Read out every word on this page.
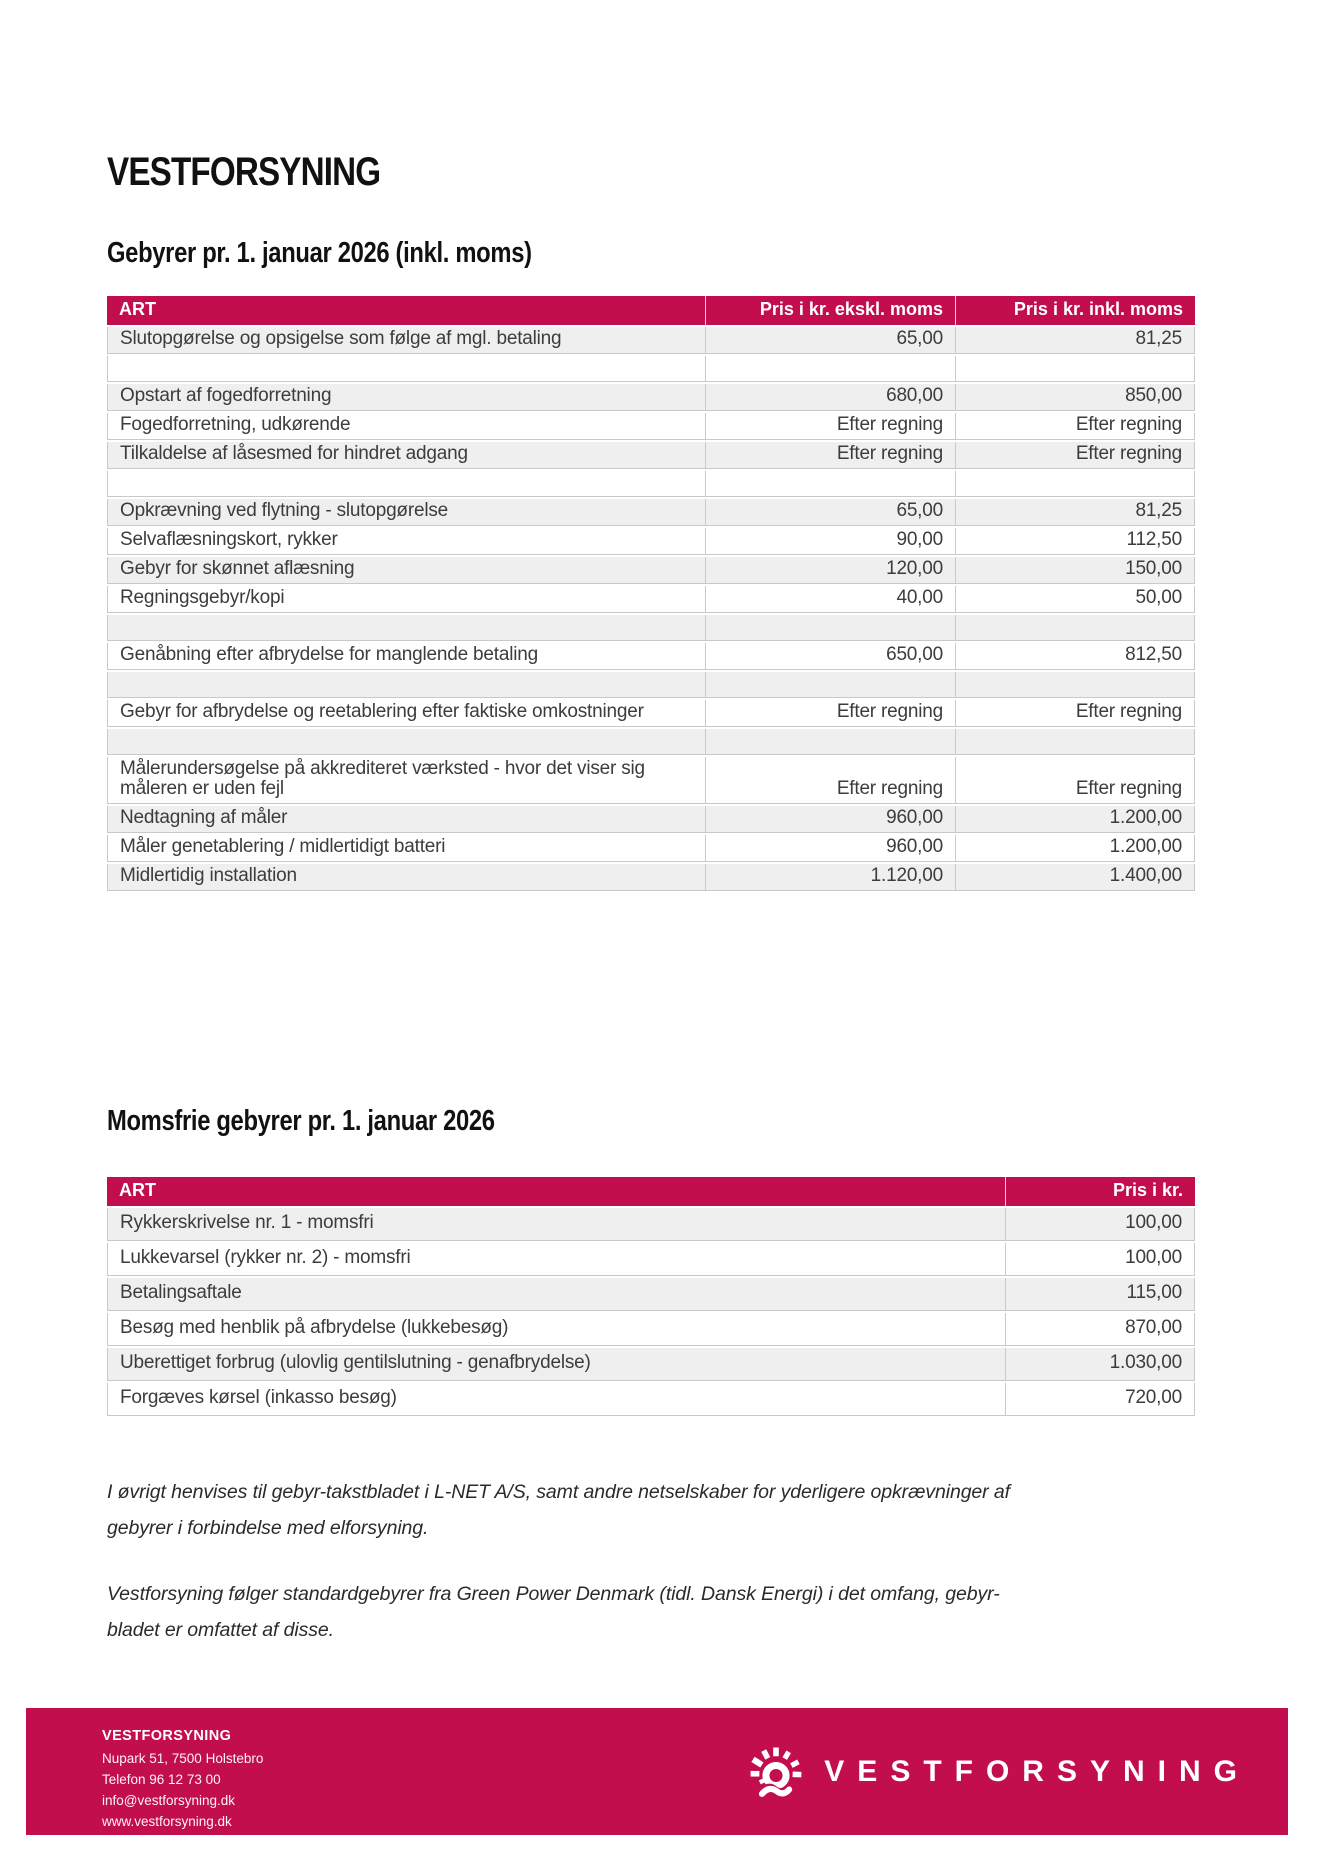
VESTFORSYNING
Gebyrer pr. 1. januar 2026 (inkl. moms)
ART	Pris i kr. ekskl. moms	Pris i kr. inkl. moms
Slutopgørelse og opsigelse som følge af mgl. betaling	65,00	81,25

Opstart af fogedforretning	680,00	850,00
Fogedforretning, udkørende	Efter regning	Efter regning
Tilkaldelse af låsesmed for hindret adgang	Efter regning	Efter regning

Opkrævning ved flytning - slutopgørelse	65,00	81,25
Selvaflæsningskort, rykker	90,00	112,50
Gebyr for skønnet aflæsning	120,00	150,00
Regningsgebyr/kopi	40,00	50,00

Genåbning efter afbrydelse for manglende betaling	650,00	812,50

Gebyr for afbrydelse og reetablering efter faktiske omkostninger	Efter regning	Efter regning

Målerundersøgelse på akkrediteret værksted - hvor det viser sig måleren er uden fejl	Efter regning	Efter regning
Nedtagning af måler	960,00	1.200,00
Måler genetablering / midlertidigt batteri	960,00	1.200,00
Midlertidig installation	1.120,00	1.400,00
Momsfrie gebyrer pr. 1. januar 2026
ART	Pris i kr.
Rykkerskrivelse nr. 1 - momsfri	100,00
Lukkevarsel (rykker nr. 2) - momsfri	100,00
Betalingsaftale	115,00
Besøg med henblik på afbrydelse (lukkebesøg)	870,00
Uberettiget forbrug (ulovlig gentilslutning - genafbrydelse)	1.030,00
Forgæves kørsel (inkasso besøg)	720,00

I øvrigt henvises til gebyr-takstbladet i L-NET A/S, samt andre netselskaber for yderligere opkrævninger af
gebyrer i forbindelse med elforsyning.

Vestforsyning følger standardgebyrer fra Green Power Denmark (tidl. Dansk Energi) i det omfang, gebyr-
bladet er omfattet af disse.

VESTFORSYNING
Nupark 51, 7500 Holstebro
Telefon 96 12 73 00
info@vestforsyning.dk
www.vestforsyning.dk
VESTFORSYNING
